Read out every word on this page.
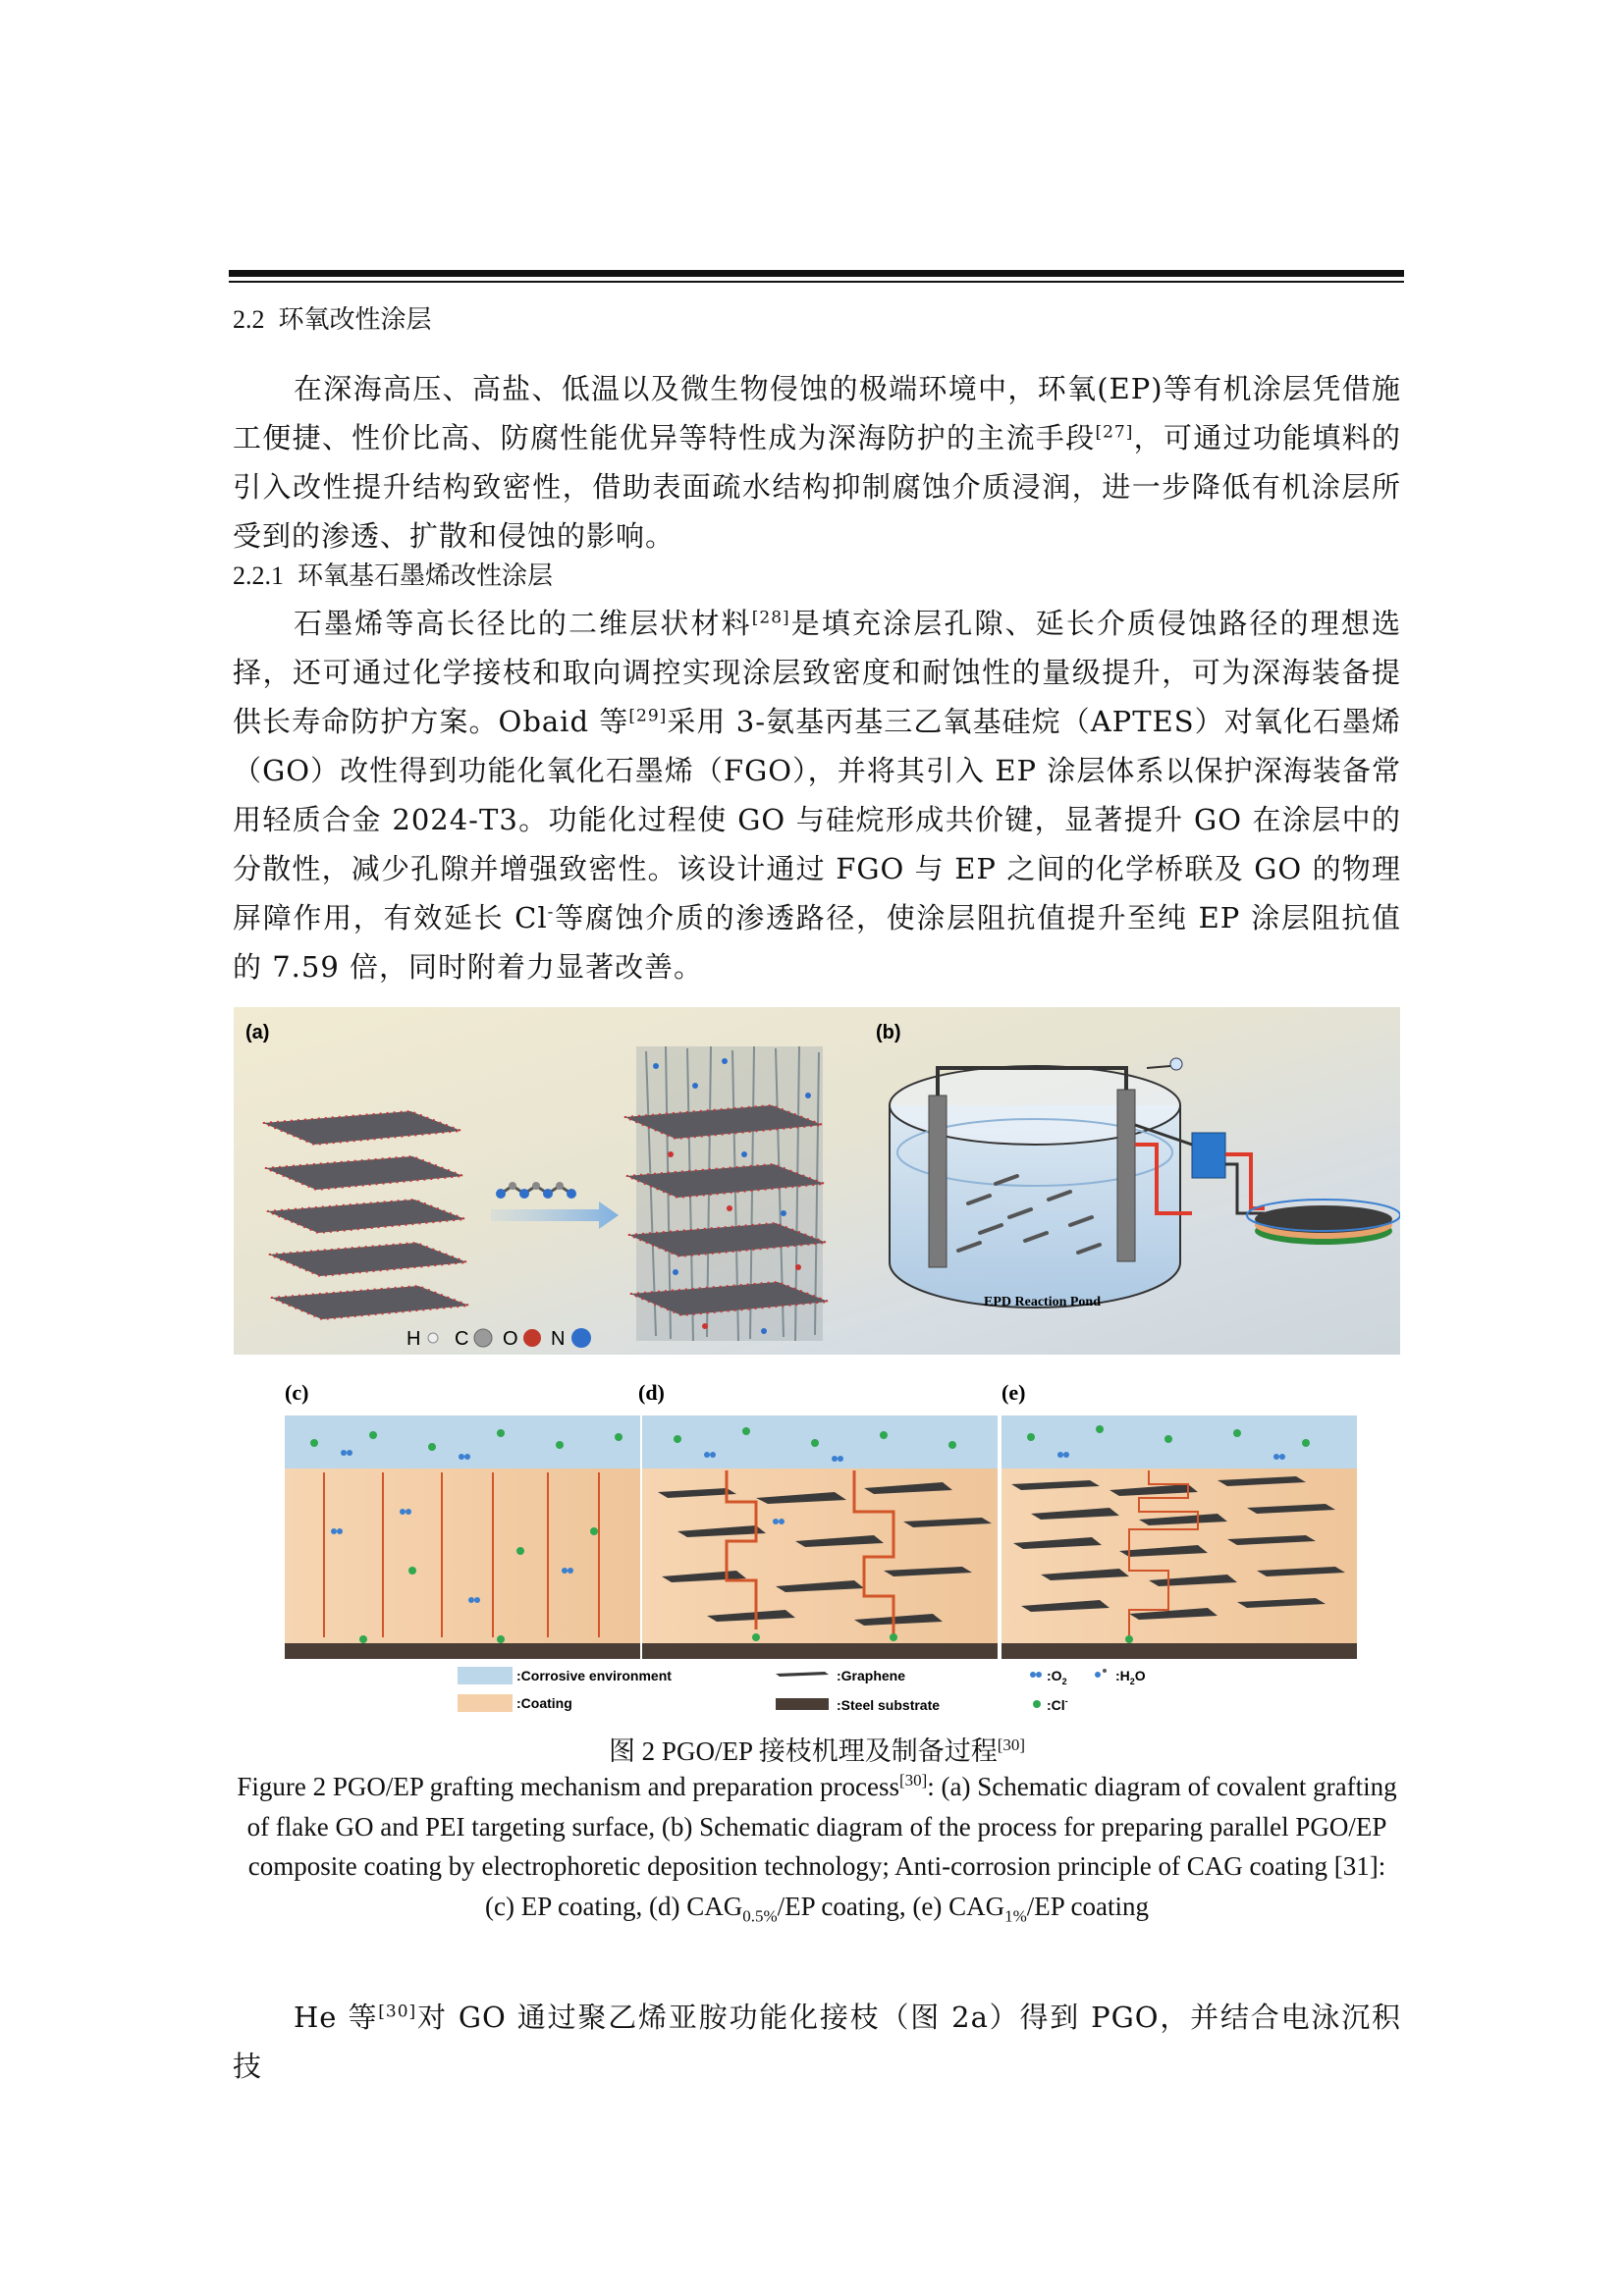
2.2 环氧改性涂层
在深海高压、高盐、低温以及微生物侵蚀的极端环境中，环氧(EP)等有机涂层凭借施工便捷、性价比高、防腐性能优异等特性成为深海防护的主流手段[27]，可通过功能填料的引入改性提升结构致密性，借助表面疏水结构抑制腐蚀介质浸润，进一步降低有机涂层所受到的渗透、扩散和侵蚀的影响。
2.2.1 环氧基石墨烯改性涂层
石墨烯等高长径比的二维层状材料[28]是填充涂层孔隙、延长介质侵蚀路径的理想选择，还可通过化学接枝和取向调控实现涂层致密度和耐蚀性的量级提升，可为深海装备提供长寿命防护方案。Obaid 等[29]采用 3-氨基丙基三乙氧基硅烷（APTES）对氧化石墨烯（GO）改性得到功能化氧化石墨烯（FGO），并将其引入 EP 涂层体系以保护深海装备常用轻质合金 2024-T3。功能化过程使 GO 与硅烷形成共价键，显著提升 GO 在涂层中的分散性，减少孔隙并增强致密性。该设计通过 FGO 与 EP 之间的化学桥联及 GO 的物理屏障作用，有效延长 Cl-等腐蚀介质的渗透路径，使涂层阻抗值提升至纯 EP 涂层阻抗值的 7.59 倍，同时附着力显著改善。
(a)	(b)
H C O N
EPD Reaction Pond
(c)	(d)	(e)
:Corrosive environment
:Coating
:Graphene
:Steel substrate
$:O_2$
:Cl-
$:H_2O$
图 2 PGO/EP 接枝机理及制备过程[30]
Figure 2 PGO/EP grafting mechanism and preparation process[30]: (a) Schematic diagram of covalent grafting of flake GO and PEI targeting surface, (b) Schematic diagram of the process for preparing parallel PGO/EP composite coating by electrophoretic deposition technology; Anti-corrosion principle of CAG coating [31]: (c) EP coating, (d) $CAG_{0.5\%}/EP$ coating, (e) $CAG_{1\%}/EP$ coating
He 等[30]对 GO 通过聚乙烯亚胺功能化接枝（图 2a）得到 PGO，并结合电泳沉积技
